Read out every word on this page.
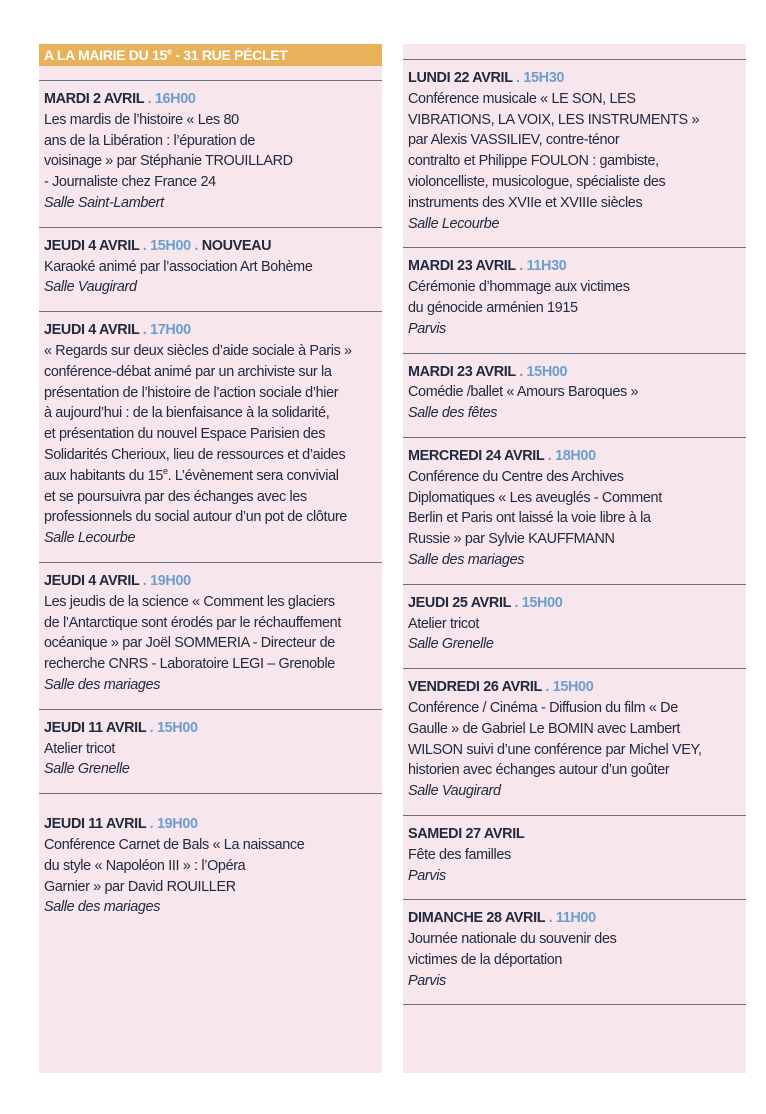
A LA MAIRIE DU 15e - 31 RUE PÉCLET
MARDI 2 AVRIL . 16H00
Les mardis de l’histoire « Les 80
ans de la Libération : l’épuration de
voisinage » par Stéphanie TROUILLARD
- Journaliste chez France 24
Salle Saint-Lambert
JEUDI 4 AVRIL . 15H00 . NOUVEAU
Karaoké animé par l’association Art Bohème
Salle Vaugirard
JEUDI 4 AVRIL . 17H00
« Regards sur deux siècles d’aide sociale à Paris »
conférence-débat animé par un archiviste sur la
présentation de l’histoire de l’action sociale d’hier
à aujourd’hui : de la bienfaisance à la solidarité,
et présentation du nouvel Espace Parisien des
Solidarités Cherioux, lieu de ressources et d’aides
aux habitants du 15e. L’évènement sera convivial
et se poursuivra par des échanges avec les
professionnels du social autour d’un pot de clôture
Salle Lecourbe
JEUDI 4 AVRIL . 19H00
Les jeudis de la science « Comment les glaciers
de l’Antarctique sont érodés par le réchauffement
océanique » par Joël SOMMERIA - Directeur de
recherche CNRS - Laboratoire LEGI – Grenoble
Salle des mariages
JEUDI 11 AVRIL . 15H00
Atelier tricot
Salle Grenelle
JEUDI 11 AVRIL . 19H00
Conférence Carnet de Bals « La naissance
du style « Napoléon III » : l’Opéra
Garnier » par David ROUILLER
Salle des mariages
LUNDI 22 AVRIL . 15H30
Conférence musicale « LE SON, LES
VIBRATIONS, LA VOIX, LES INSTRUMENTS »
par Alexis VASSILIEV, contre-ténor
contralto et Philippe FOULON : gambiste,
violoncelliste, musicologue, spécialiste des
instruments des XVIIe et XVIIIe siècles
Salle Lecourbe
MARDI 23 AVRIL . 11H30
Cérémonie d’hommage aux victimes
du génocide arménien 1915
Parvis
MARDI 23 AVRIL . 15H00
Comédie /ballet « Amours Baroques »
Salle des fêtes
MERCREDI 24 AVRIL . 18H00
Conférence du Centre des Archives
Diplomatiques « Les aveuglés - Comment
Berlin et Paris ont laissé la voie libre à la
Russie » par Sylvie KAUFFMANN
Salle des mariages
JEUDI 25 AVRIL . 15H00
Atelier tricot
Salle Grenelle
VENDREDI 26 AVRIL . 15H00
Conférence / Cinéma - Diffusion du film « De
Gaulle » de Gabriel Le BOMIN avec Lambert
WILSON suivi d’une conférence par Michel VEY,
historien avec échanges autour d’un goûter
Salle Vaugirard
SAMEDI 27 AVRIL
Fête des familles
Parvis
DIMANCHE 28 AVRIL . 11H00
Journée nationale du souvenir des
victimes de la déportation
Parvis
